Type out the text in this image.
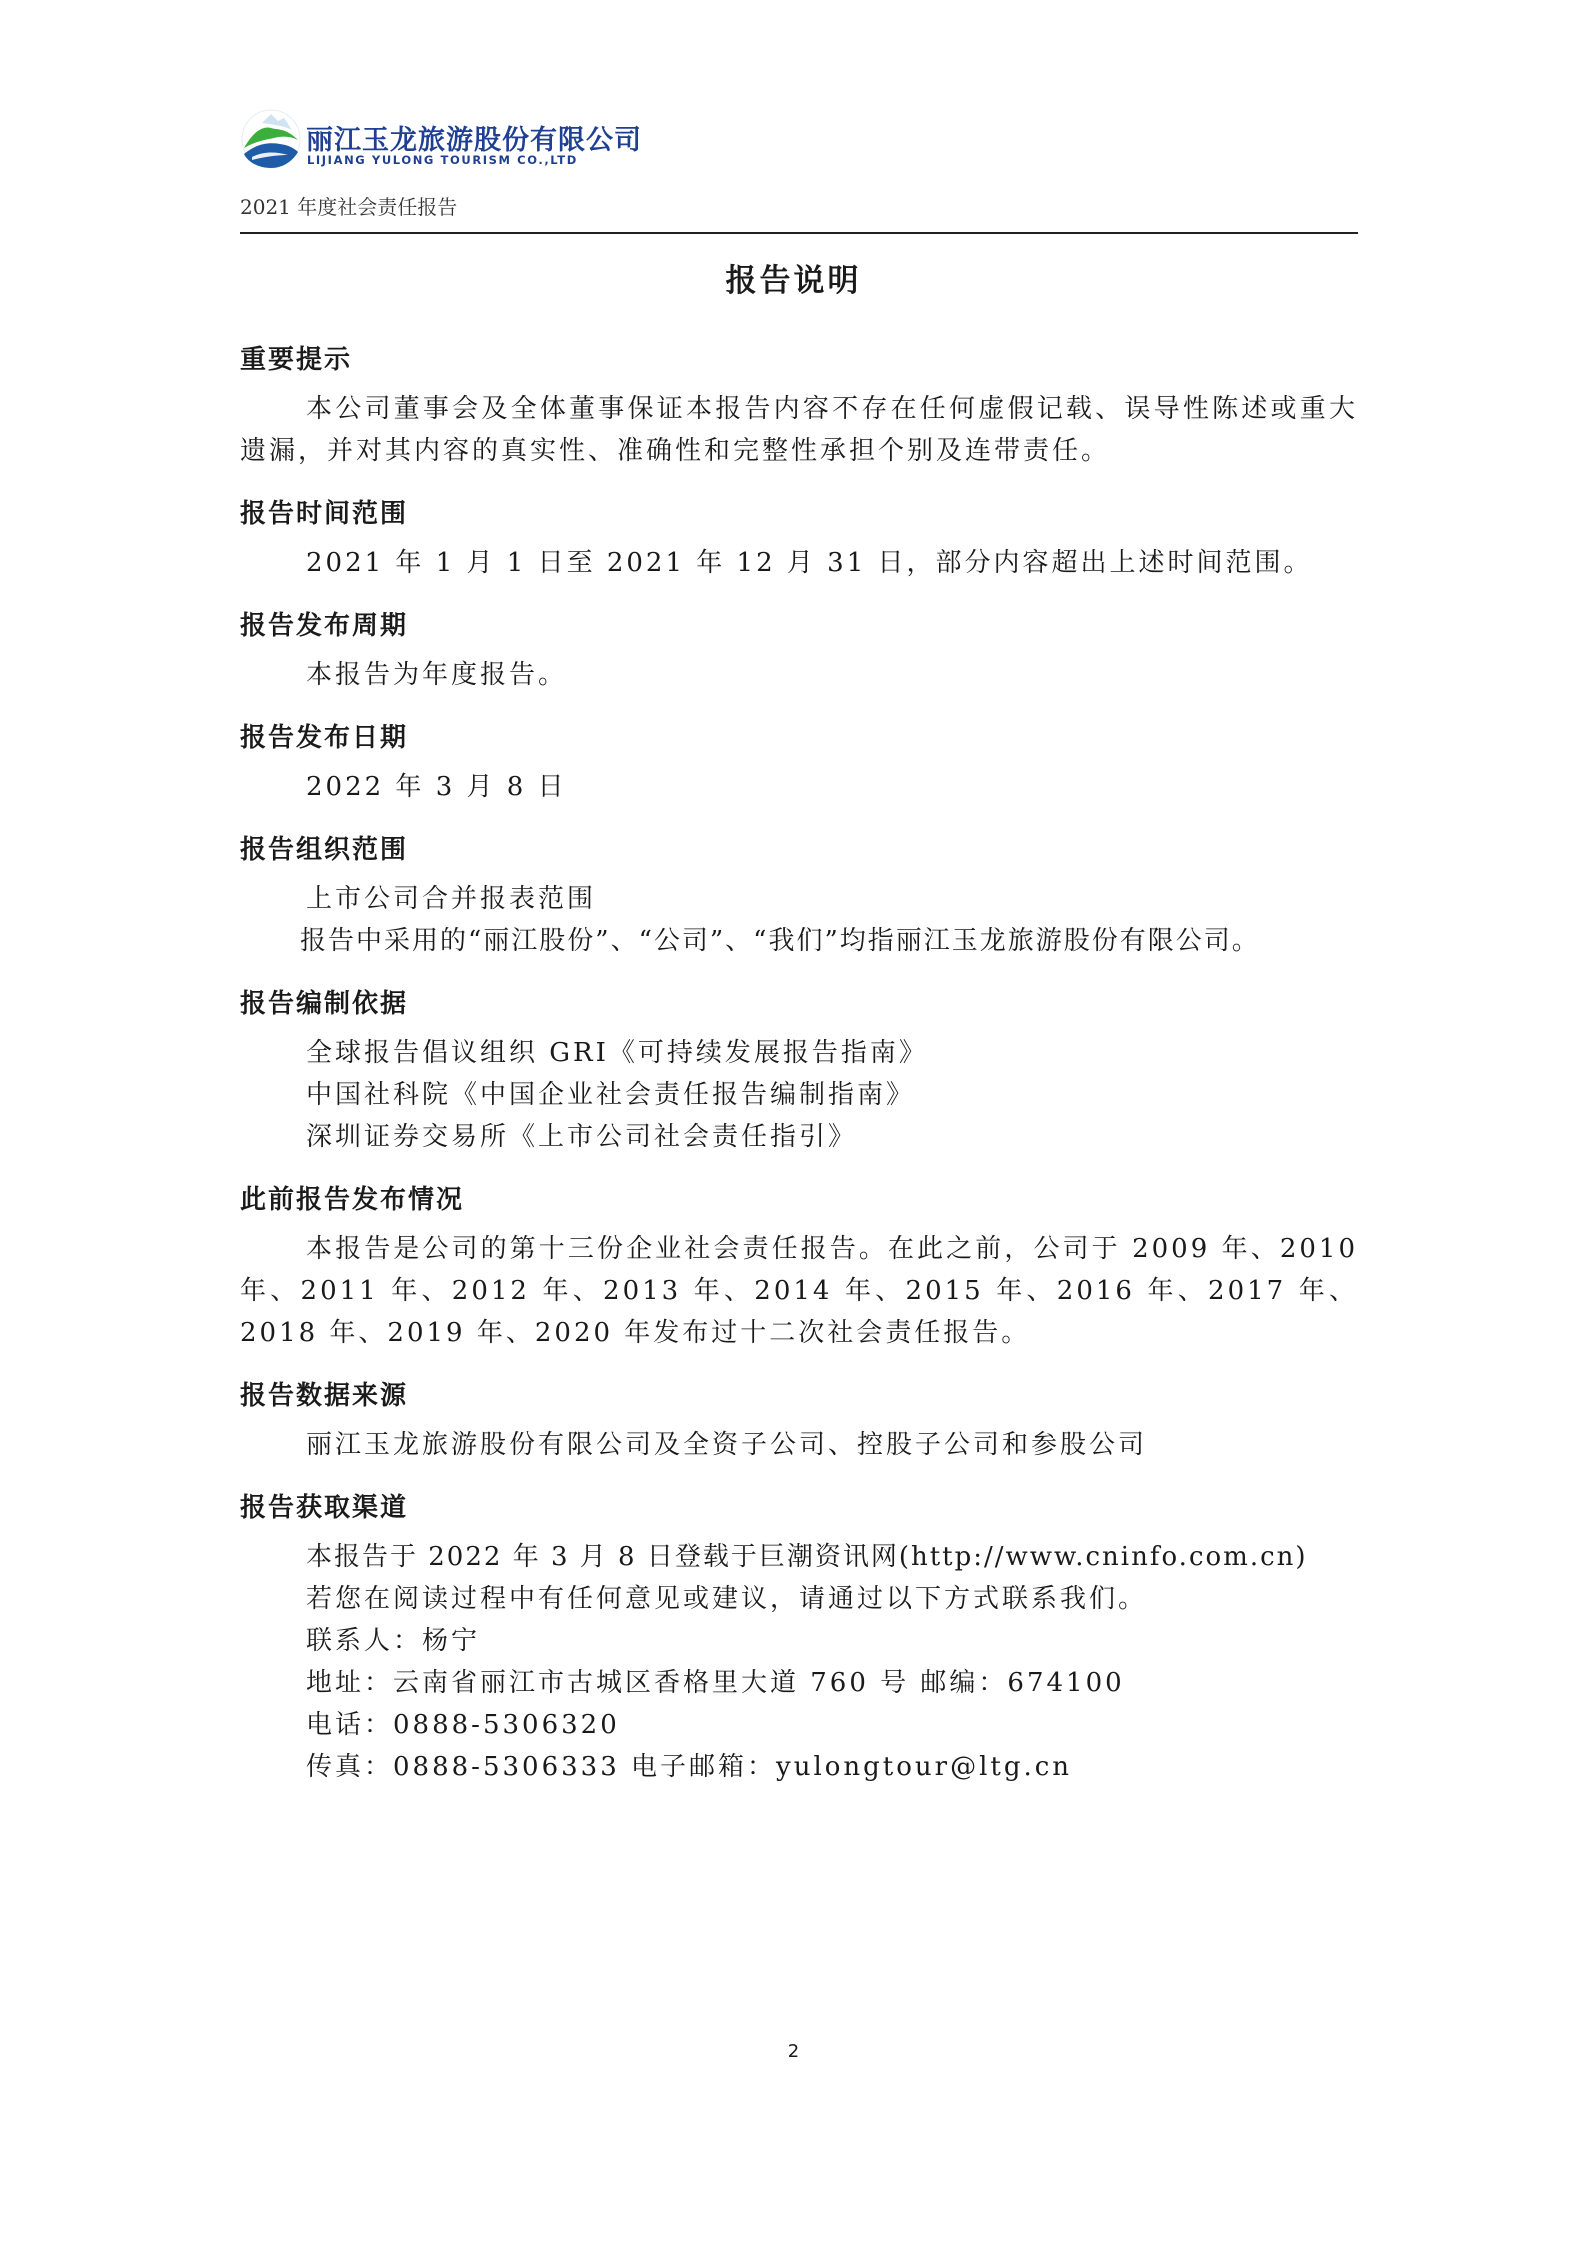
丽江玉龙旅游股份有限公司
LIJIANG YULONG TOURISM CO.,LTD
2021 年度社会责任报告
报告说明
重要提示

本公司董事会及全体董事保证本报告内容不存在任何虚假记载、误导性陈述或重大遗漏，并对其内容的真实性、准确性和完整性承担个别及连带责任。

报告时间范围

2021 年 1 月 1 日至 2021 年 12 月 31 日，部分内容超出上述时间范围。

报告发布周期

本报告为年度报告。

报告发布日期

2022 年 3 月 8 日

报告组织范围

上市公司合并报表范围

报告中采用的“丽江股份”、“公司”、“我们”均指丽江玉龙旅游股份有限公司。

报告编制依据

全球报告倡议组织 GRI《可持续发展报告指南》

中国社科院《中国企业社会责任报告编制指南》

深圳证券交易所《上市公司社会责任指引》

此前报告发布情况

本报告是公司的第十三份企业社会责任报告。在此之前，公司于 2009 年、2010 年、2011 年、2012 年、2013 年、2014 年、2015 年、2016 年、2017 年、2018 年、2019 年、2020 年发布过十二次社会责任报告。

报告数据来源

丽江玉龙旅游股份有限公司及全资子公司、控股子公司和参股公司

报告获取渠道

本报告于 2022 年 3 月 8 日登载于巨潮资讯网(http://www.cninfo.com.cn)

若您在阅读过程中有任何意见或建议，请通过以下方式联系我们。

联系人：杨宁

地址：云南省丽江市古城区香格里大道 760 号 邮编：674100

电话：0888-5306320

传真：0888-5306333 电子邮箱：yulongtour@ltg.cn

2
